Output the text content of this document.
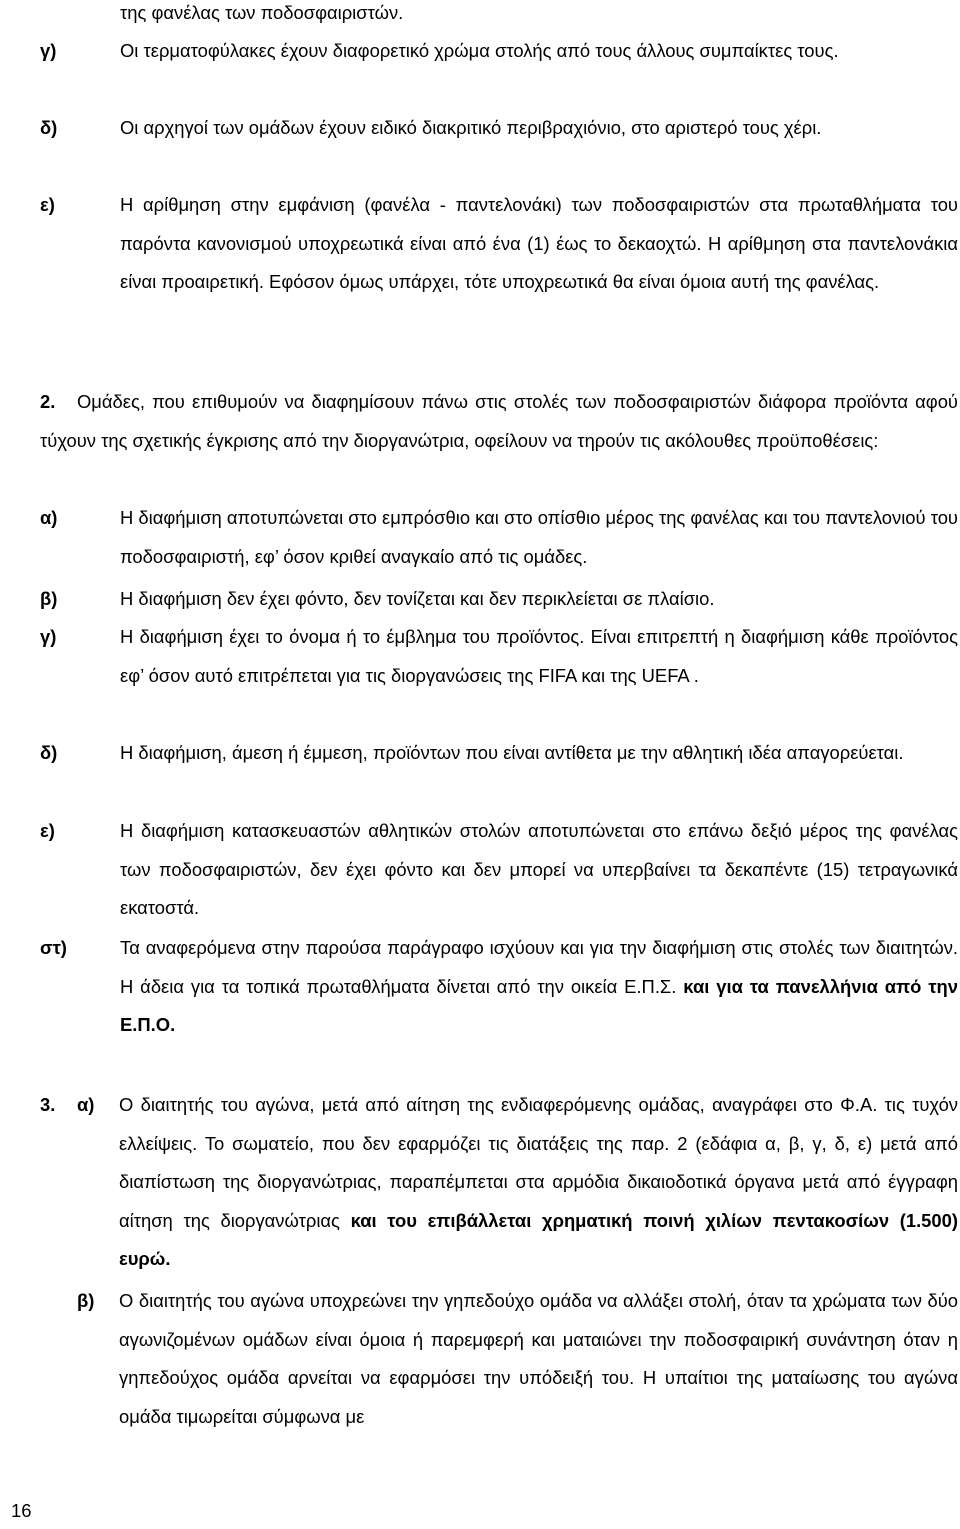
της φανέλας των ποδοσφαιριστών.
γ)	Οι τερματοφύλακες έχουν διαφορετικό χρώμα στολής από τους άλλους συμπαίκτες τους.
δ)	Οι αρχηγοί των ομάδων έχουν ειδικό διακριτικό περιβραχιόνιο, στο αριστερό τους χέρι.
ε)	Η αρίθμηση στην εμφάνιση (φανέλα - παντελονάκι) των ποδοσφαιριστών στα πρωταθλήματα του παρόντα κανονισμού υποχρεωτικά είναι από ένα (1) έως το δεκαοχτώ. Η αρίθμηση στα παντελονάκια είναι προαιρετική. Εφόσον όμως υπάρχει, τότε υποχρεωτικά θα είναι όμοια αυτή της φανέλας.
2. Ομάδες, που επιθυμούν να διαφημίσουν πάνω στις στολές των ποδοσφαιριστών διάφορα προϊόντα αφού τύχουν της σχετικής έγκρισης από την διοργανώτρια, οφείλουν να τηρούν τις ακόλουθες προϋποθέσεις:
α)	Η διαφήμιση αποτυπώνεται στο εμπρόσθιο και στο οπίσθιο μέρος της φανέλας και του παντελονιού του ποδοσφαιριστή, εφ’ όσον κριθεί αναγκαίο από τις ομάδες.
β)	Η διαφήμιση δεν έχει φόντο, δεν τονίζεται και δεν περικλείεται σε πλαίσιο.
γ)	Η διαφήμιση έχει το όνομα ή το έμβλημα του προϊόντος. Είναι επιτρεπτή η διαφήμιση κάθε προϊόντος εφ’ όσον αυτό επιτρέπεται για τις διοργανώσεις της FIFA και της UEFA .
δ)	Η διαφήμιση, άμεση ή έμμεση, προϊόντων που είναι αντίθετα με την αθλητική ιδέα απαγορεύεται.
ε)	Η διαφήμιση κατασκευαστών αθλητικών στολών αποτυπώνεται στο επάνω δεξιό μέρος της φανέλας των ποδοσφαιριστών, δεν έχει φόντο και δεν μπορεί να υπερβαίνει τα δεκαπέντε (15) τετραγωνικά εκατοστά.
στ)	Τα αναφερόμενα στην παρούσα παράγραφο ισχύουν και για την διαφήμιση στις στολές των διαιτητών. Η άδεια για τα τοπικά πρωταθλήματα δίνεται από την οικεία Ε.Π.Σ. και για τα πανελλήνια από την Ε.Π.Ο.
3. α) Ο διαιτητής του αγώνα, μετά από αίτηση της ενδιαφερόμενης ομάδας, αναγράφει στο Φ.Α. τις τυχόν ελλείψεις. Το σωματείο, που δεν εφαρμόζει τις διατάξεις της παρ. 2 (εδάφια α, β, γ, δ, ε) μετά από διαπίστωση της διοργανώτριας, παραπέμπεται στα αρμόδια δικαιοδοτικά όργανα μετά από έγγραφη αίτηση της διοργανώτριας και του επιβάλλεται χρηματική ποινή χιλίων πεντακοσίων (1.500) ευρώ.
β) Ο διαιτητής του αγώνα υποχρεώνει την γηπεδούχο ομάδα να αλλάξει στολή, όταν τα χρώματα των δύο αγωνιζομένων ομάδων είναι όμοια ή παρεμφερή και ματαιώνει την ποδοσφαιρική συνάντηση όταν η γηπεδούχος ομάδα αρνείται να εφαρμόσει την υπόδειξή του. Η υπαίτιοι της ματαίωσης του αγώνα ομάδα τιμωρείται σύμφωνα με
16
